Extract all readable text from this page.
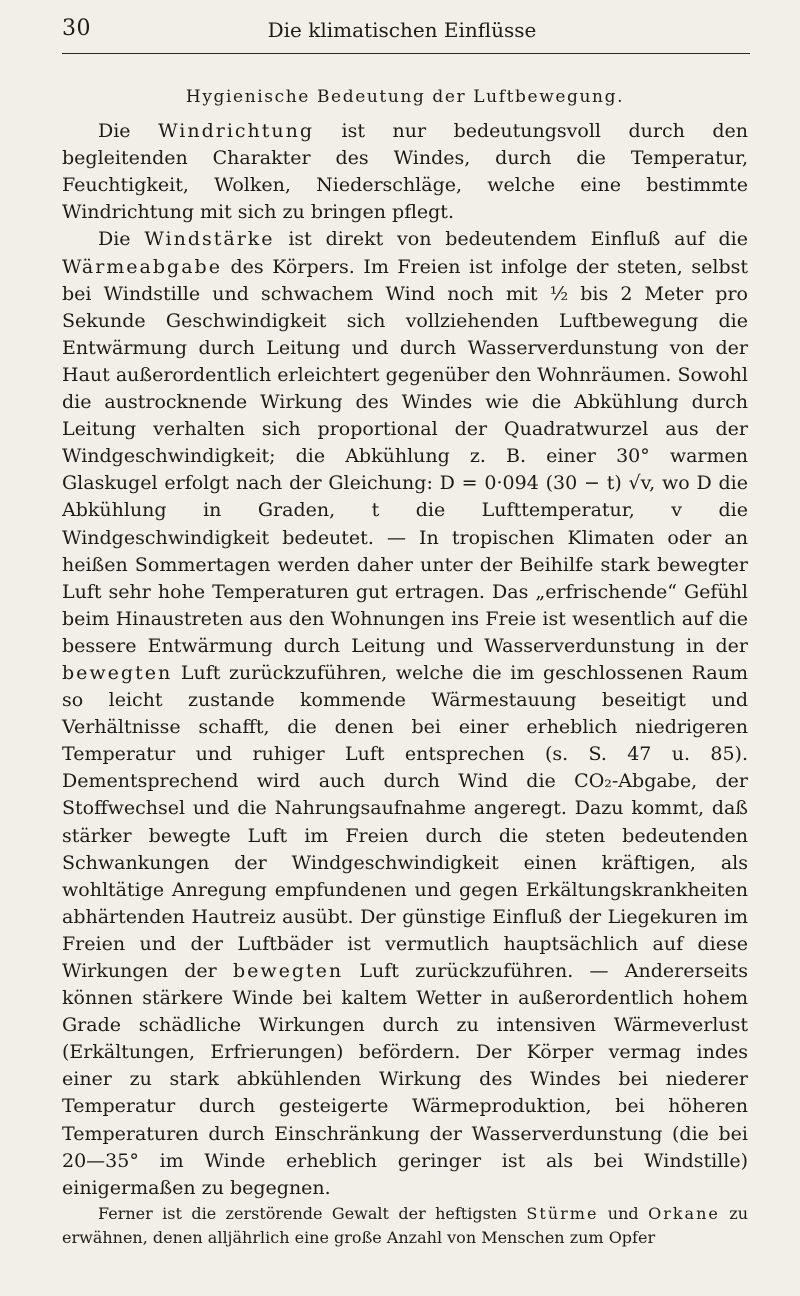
30	Die klimatischen Einflüsse
Hygienische Bedeutung der Luftbewegung.

Die Windrichtung ist nur bedeutungsvoll durch den begleitenden Charakter des Windes, durch die Temperatur, Feuchtigkeit, Wolken, Niederschläge, welche eine bestimmte Windrichtung mit sich zu bringen pflegt.

Die Windstärke ist direkt von bedeutendem Einfluß auf die Wärmeabgabe des Körpers. Im Freien ist infolge der steten, selbst bei Windstille und schwachem Wind noch mit ½ bis 2 Meter pro Sekunde Geschwindigkeit sich vollziehenden Luftbewegung die Entwärmung durch Leitung und durch Wasserverdunstung von der Haut außerordentlich erleichtert gegenüber den Wohnräumen. Sowohl die austrocknende Wirkung des Windes wie die Abkühlung durch Leitung verhalten sich proportional der Quadratwurzel aus der Windgeschwindigkeit; die Abkühlung z. B. einer 30° warmen Glaskugel erfolgt nach der Gleichung: D = 0·094 (30 − t) √v, wo D die Abkühlung in Graden, t die Lufttemperatur, v die Windgeschwindigkeit bedeutet. — In tropischen Klimaten oder an heißen Sommertagen werden daher unter der Beihilfe stark bewegter Luft sehr hohe Temperaturen gut ertragen. Das „erfrischende“ Gefühl beim Hinaustreten aus den Wohnungen ins Freie ist wesentlich auf die bessere Entwärmung durch Leitung und Wasserverdunstung in der bewegten Luft zurückzuführen, welche die im geschlossenen Raum so leicht zustande kommende Wärmestauung beseitigt und Verhältnisse schafft, die denen bei einer erheblich niedrigeren Temperatur und ruhiger Luft entsprechen (s. S. 47 u. 85). Dementsprechend wird auch durch Wind die CO₂-Abgabe, der Stoffwechsel und die Nahrungsaufnahme angeregt. Dazu kommt, daß stärker bewegte Luft im Freien durch die steten bedeutenden Schwankungen der Windgeschwindigkeit einen kräftigen, als wohltätige Anregung empfundenen und gegen Erkältungskrankheiten abhärtenden Hautreiz ausübt. Der günstige Einfluß der Liegekuren im Freien und der Luftbäder ist vermutlich hauptsächlich auf diese Wirkungen der bewegten Luft zurückzuführen. — Andererseits können stärkere Winde bei kaltem Wetter in außerordentlich hohem Grade schädliche Wirkungen durch zu intensiven Wärmeverlust (Erkältungen, Erfrierungen) befördern. Der Körper vermag indes einer zu stark abkühlenden Wirkung des Windes bei niederer Temperatur durch gesteigerte Wärmeproduktion, bei höheren Temperaturen durch Einschränkung der Wasserverdunstung (die bei 20—35° im Winde erheblich geringer ist als bei Windstille) einigermaßen zu begegnen.

Ferner ist die zerstörende Gewalt der heftigsten Stürme und Orkane zu erwähnen, denen alljährlich eine große Anzahl von Menschen zum Opfer
